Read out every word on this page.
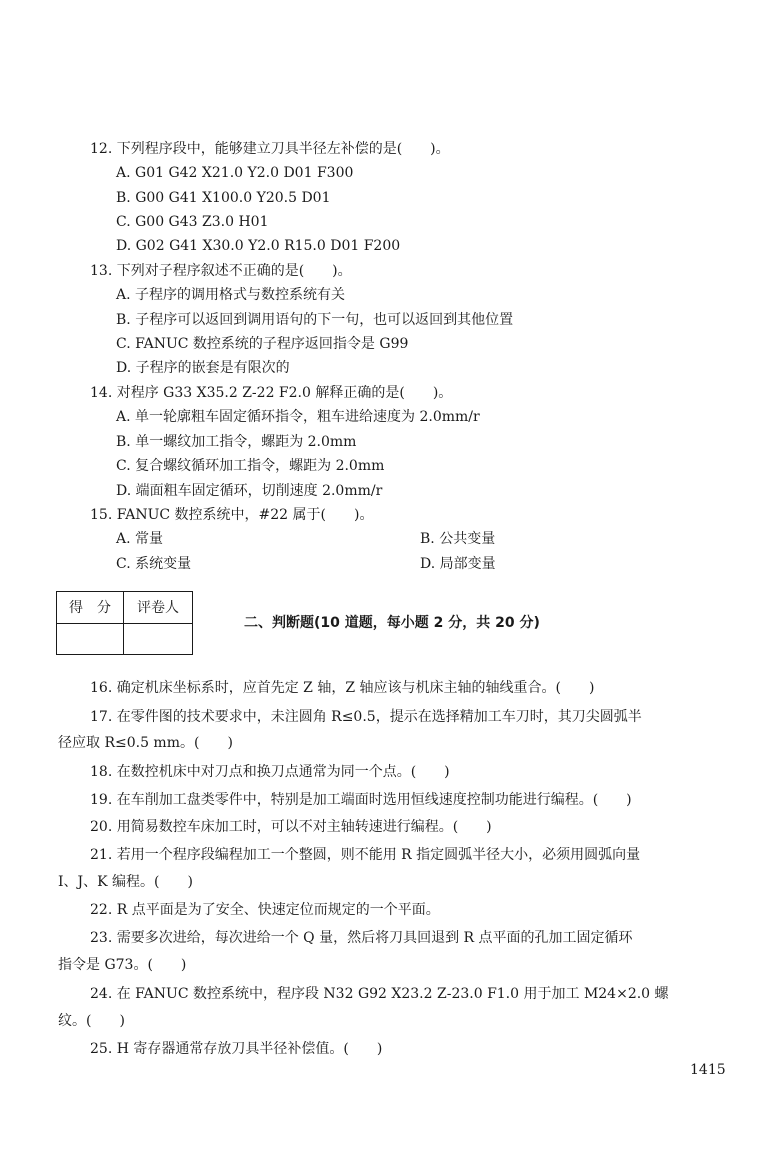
12. 下列程序段中，能够建立刀具半径左补偿的是(　　)。
A. G01 G42 X21.0 Y2.0 D01 F300
B. G00 G41 X100.0 Y20.5 D01
C. G00 G43 Z3.0 H01
D. G02 G41 X30.0 Y2.0 R15.0 D01 F200
13. 下列对子程序叙述不正确的是(　　)。
A. 子程序的调用格式与数控系统有关
B. 子程序可以返回到调用语句的下一句，也可以返回到其他位置
C. FANUC 数控系统的子程序返回指令是 G99
D. 子程序的嵌套是有限次的
14. 对程序 G33 X35.2 Z-22 F2.0 解释正确的是(　　)。
A. 单一轮廓粗车固定循环指令，粗车进给速度为 2.0mm/r
B. 单一螺纹加工指令，螺距为 2.0mm
C. 复合螺纹循环加工指令，螺距为 2.0mm
D. 端面粗车固定循环，切削速度 2.0mm/r
15. FANUC 数控系统中，#22 属于(　　)。
A. 常量	B. 公共变量
C. 系统变量	D. 局部变量
得　分	评卷人

二、判断题(10 道题，每小题 2 分，共 20 分)
16. 确定机床坐标系时，应首先定 Z 轴，Z 轴应该与机床主轴的轴线重合。(　　)
17. 在零件图的技术要求中，未注圆角 R≤0.5，提示在选择精加工车刀时，其刀尖圆弧半
径应取 R≤0.5 mm。(　　)
18. 在数控机床中对刀点和换刀点通常为同一个点。(　　)
19. 在车削加工盘类零件中，特别是加工端面时选用恒线速度控制功能进行编程。(　　)
20. 用简易数控车床加工时，可以不对主轴转速进行编程。(　　)
21. 若用一个程序段编程加工一个整圆，则不能用 R 指定圆弧半径大小，必须用圆弧向量
I、J、K 编程。(　　)
22. R 点平面是为了安全、快速定位而规定的一个平面。
23. 需要多次进给，每次进给一个 Q 量，然后将刀具回退到 R 点平面的孔加工固定循环
指令是 G73。(　　)
24. 在 FANUC 数控系统中，程序段 N32 G92 X23.2 Z-23.0 F1.0 用于加工 M24×2.0 螺
纹。(　　)
25. H 寄存器通常存放刀具半径补偿值。(　　)
1415
